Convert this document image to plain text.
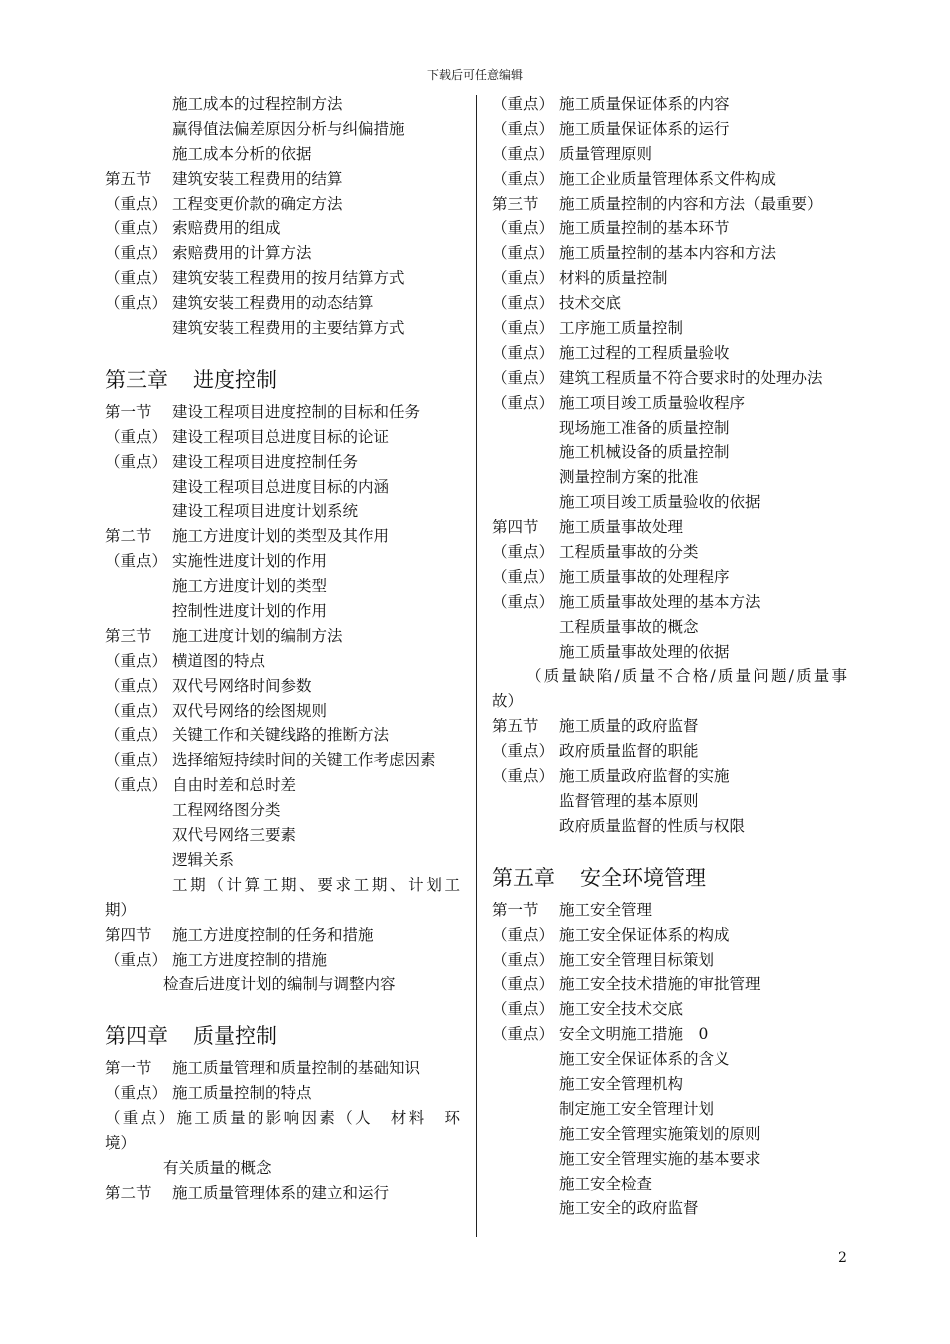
下载后可任意编辑
施工成本的过程控制方法
赢得值法偏差原因分析与纠偏措施
施工成本分析的依据
第五节 建筑安装工程费用的结算
（重点） 工程变更价款的确定方法
（重点） 索赔费用的组成
（重点） 索赔费用的计算方法
（重点） 建筑安装工程费用的按月结算方式
（重点） 建筑安装工程费用的动态结算
建筑安装工程费用的主要结算方式
第三章 进度控制
第一节 建设工程项目进度控制的目标和任务
（重点） 建设工程项目总进度目标的论证
（重点） 建设工程项目进度控制任务
建设工程项目总进度目标的内涵
建设工程项目进度计划系统
第二节 施工方进度计划的类型及其作用
（重点） 实施性进度计划的作用
施工方进度计划的类型
控制性进度计划的作用
第三节 施工进度计划的编制方法
（重点） 横道图的特点
（重点） 双代号网络时间参数
（重点） 双代号网络的绘图规则
（重点） 关键工作和关键线路的推断方法
（重点） 选择缩短持续时间的关键工作考虑因素
（重点） 自由时差和总时差
工程网络图分类
双代号网络三要素
逻辑关系
工期（计算工期、要求工期、计划工
期）
第四节 施工方进度控制的任务和措施
（重点） 施工方进度控制的措施
检查后进度计划的编制与调整内容
第四章 质量控制
第一节 施工质量管理和质量控制的基础知识
（重点） 施工质量控制的特点
（重点）施工质量的影响因素（人　材料　环
境）
有关质量的概念
第二节 施工质量管理体系的建立和运行
（重点） 施工质量保证体系的内容
（重点） 施工质量保证体系的运行
（重点） 质量管理原则
（重点） 施工企业质量管理体系文件构成
第三节 施工质量控制的内容和方法（最重要）
（重点） 施工质量控制的基本环节
（重点） 施工质量控制的基本内容和方法
（重点） 材料的质量控制
（重点） 技术交底
（重点） 工序施工质量控制
（重点） 施工过程的工程质量验收
（重点） 建筑工程质量不符合要求时的处理办法
（重点） 施工项目竣工质量验收程序
现场施工准备的质量控制
施工机械设备的质量控制
测量控制方案的批准
施工项目竣工质量验收的依据
第四节 施工质量事故处理
（重点） 工程质量事故的分类
（重点） 施工质量事故的处理程序
（重点） 施工质量事故处理的基本方法
工程质量事故的概念
施工质量事故处理的依据
（质量缺陷/质量不合格/质量问题/质量事
故）
第五节 施工质量的政府监督
（重点） 政府质量监督的职能
（重点） 施工质量政府监督的实施
监督管理的基本原则
政府质量监督的性质与权限
第五章 安全环境管理
第一节 施工安全管理
（重点） 施工安全保证体系的构成
（重点） 施工安全管理目标策划
（重点） 施工安全技术措施的审批管理
（重点） 施工安全技术交底
（重点） 安全文明施工措施　0
施工安全保证体系的含义
施工安全管理机构
制定施工安全管理计划
施工安全管理实施策划的原则
施工安全管理实施的基本要求
施工安全检查
施工安全的政府监督
2
